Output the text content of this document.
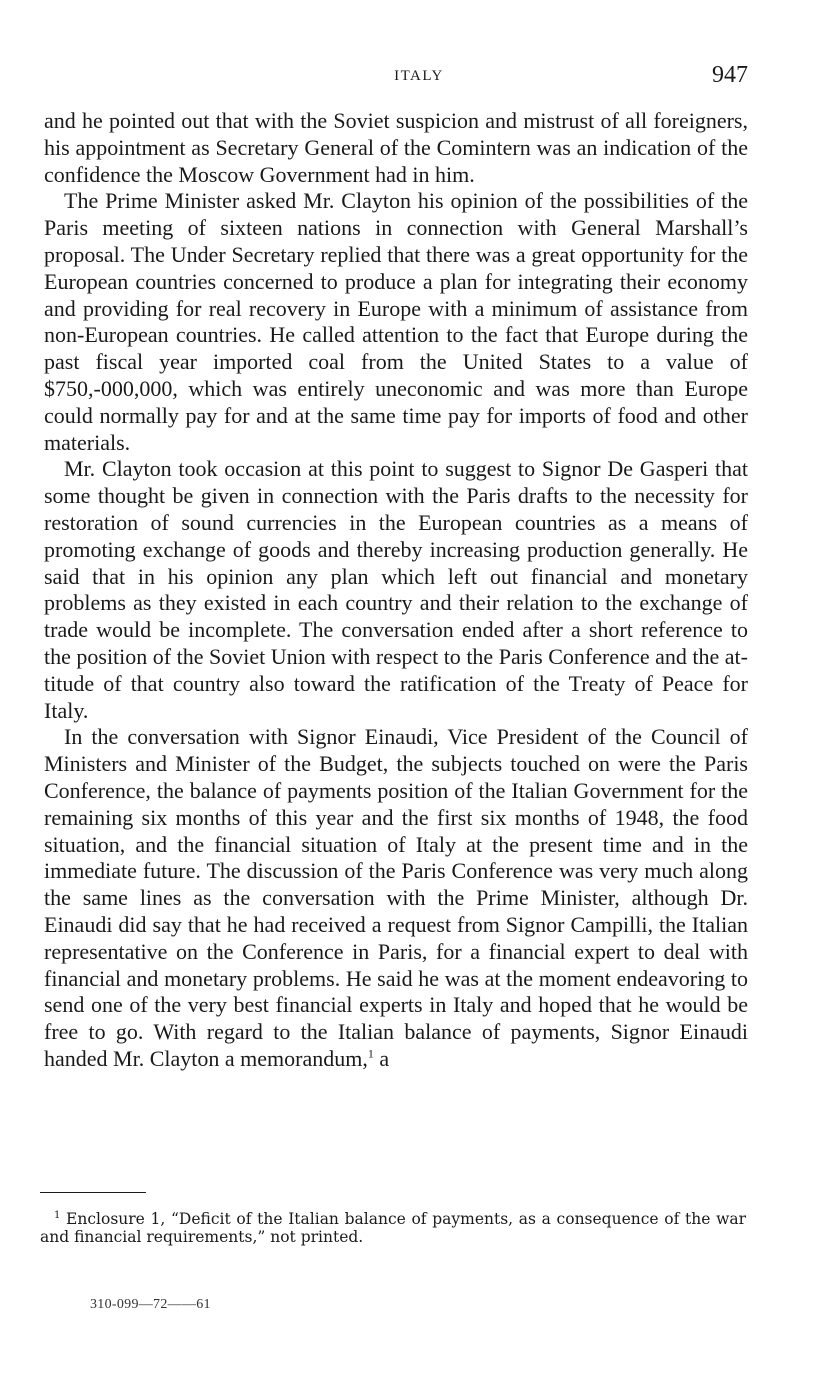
ITALY	947

and he pointed out that with the Soviet suspicion and mistrust of all foreigners, his appointment as Secretary General of the Comintern was an indication of the confidence the Moscow Government had in him.

The Prime Minister asked Mr. Clayton his opinion of the possibilities of the Paris meeting of sixteen nations in connection with General Marshall’s proposal. The Under Secretary replied that there was a great opportunity for the European countries concerned to produce a plan for integrating their economy and providing for real recovery in Europe with a minimum of assistance from non-European countries. He called attention to the fact that Europe during the past fiscal year imported coal from the United States to a value of $750,-000,000, which was entirely uneconomic and was more than Europe could normally pay for and at the same time pay for imports of food and other materials.

Mr. Clayton took occasion at this point to suggest to Signor De Gasperi that some thought be given in connection with the Paris drafts to the necessity for restoration of sound currencies in the European countries as a means of promoting exchange of goods and thereby increasing production generally. He said that in his opinion any plan which left out financial and monetary problems as they existed in each country and their relation to the exchange of trade would be incomplete. The conversation ended after a short reference to the position of the Soviet Union with respect to the Paris Conference and the attitude of that country also toward the ratification of the Treaty of Peace for Italy.

In the conversation with Signor Einaudi, Vice President of the Council of Ministers and Minister of the Budget, the subjects touched on were the Paris Conference, the balance of payments position of the Italian Government for the remaining six months of this year and the first six months of 1948, the food situation, and the financial situation of Italy at the present time and in the immediate future. The discussion of the Paris Conference was very much along the same lines as the conversation with the Prime Minister, although Dr. Einaudi did say that he had received a request from Signor Campilli, the Italian representative on the Conference in Paris, for a financial expert to deal with financial and monetary problems. He said he was at the moment endeavoring to send one of the very best financial experts in Italy and hoped that he would be free to go. With regard to the Italian balance of payments, Signor Einaudi handed Mr. Clayton a memorandum,$^1$ a

$^1$ Enclosure 1, “Deficit of the Italian balance of payments, as a consequence of the war and financial requirements,” not printed.
310-099—72——61
